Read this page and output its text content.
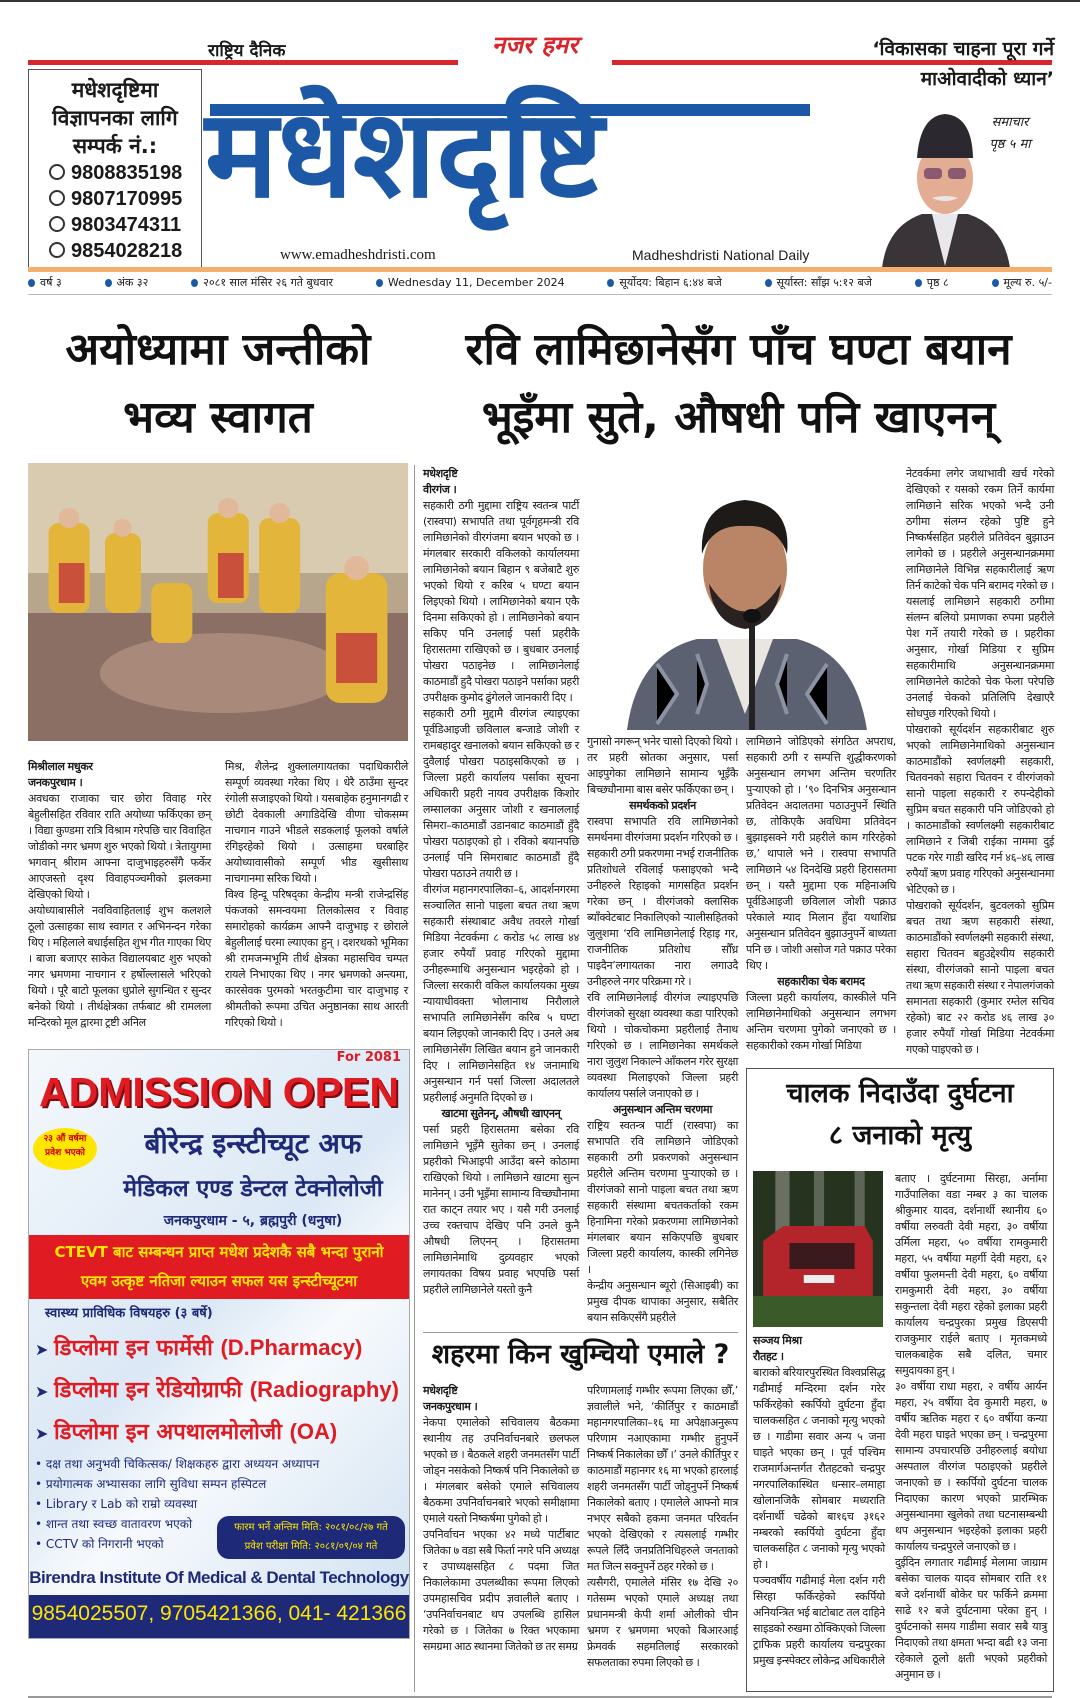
नजर हमर
मधेशदृष्टिमा
विज्ञापनका लागि
सम्पर्क नं.:
9808835198
9807170995
9803474311
9854028218
राष्ट्रिय दैनिक
मधेशदृष्टि
www.emadheshdristi.com	Madheshdristi National Daily
‘विकासका चाहना पूरा गर्ने
माओवादीको ध्यान’
समाचार
पृष्ठ ५ मा
वर्ष ३	अंक ३२	२०८१ साल मंसिर २६ गते बुधवार	Wednesday 11, December 2024	सूर्योदय: बिहान ६:४४ बजे	सूर्यास्त: साँझ ५:१२ बजे	पृष्ठ ८	मूल्य रु. ५/-
अयोध्यामा जन्तीको
भव्य स्वागत

मिश्रीलाल मधुकर

जनकपुरधाम ।

अवधका राजाका चार छोरा विवाह गरेर बेहुलीसहित रविवार राति अयोध्या फर्किएका छन् । विद्या कुण्डमा रात्रि विश्राम गरेपछि चार विवाहित जोडीको नगर भ्रमण शुरु भएको थियो । त्रेतायुगमा भगवान् श्रीराम आफ्ना दाजुभाइहरुसँगै फर्केर आएजस्तो दृश्य विवाहपञ्चमीको झलकमा देखिएको थियो ।

अयोध्याबासीले नवविवाहितलाई शुभ कलशले ठूलो उत्साहका साथ स्वागत र अभिनन्दन गरेका थिए । महिलाले बधाईसहित शुभ गीत गाएका थिए । बाजा बजाएर साकेत विद्यालयबाट शुरु भएको नगर भ्रमणमा नाचगान र हर्षोल्लासले भरिएको थियो । पूरै बाटो फूलका धुप्रोले सुगन्धित र सुन्दर बनेको थियो । तीर्थक्षेत्रका तर्फबाट श्री रामलला मन्दिरको मूल द्वारमा ट्रष्टी अनिल

मिश्र, शैलेन्द्र शुक्लालगायतका पदाधिकारीले सम्पूर्ण व्यवस्था गरेका थिए । धेरै ठाउँमा सुन्दर रंगोली सजाइएको थियो । यसबाहेक हनुमानगढी र छोटी देवकाली अगाडिदेखि वीणा चोकसम्म नाचगान गाउने भीडले सडकलाई फूलको वर्षाले रंगिइरहेको थियो । उत्साहमा घरबाहिर अयोध्यावासीको सम्पूर्ण भीड खुसीसाथ नाचगानमा सरिक थियो ।

विश्व हिन्दू परिषद्का केन्द्रीय मन्त्री राजेन्द्रसिंह पंकजको समन्वयमा तिलकोत्सव र विवाह समारोहको कार्यक्रम आफ्नै दाजुभाइ र छोराले बेहुलीलाई घरमा ल्याएका हुन् । दशरथको भूमिका श्री रामजन्मभूमि तीर्थ क्षेत्रका महासचिव चम्पत रायले निभाएका थिए । नगर भ्रमणको अन्त्यमा, कारसेवक पुरमको भरतकुटीमा चार दाजुभाइ र श्रीमतीको रूपमा उचित अनुष्ठानका साथ आरती गरिएको थियो ।

For 2081
ADMISSION OPEN
२३ औं वर्षमा
प्रवेश भएको	बीरेन्द्र इन्स्टीच्यूट अफ
मेडिकल एण्ड डेन्टल टेक्नोलोजी
जनकपुरधाम - ५, ब्रह्मपुरी (धनुषा)
CTEVT बाट सम्बन्धन प्राप्त मधेश प्रदेशकै सबै भन्दा पुरानो
एवम उत्कृष्ट नतिजा ल्याउन सफल यस इन्स्टीच्यूटमा
स्वास्थ्य प्राविधिक विषयहरु (३ बर्षे)
➤ डिप्लोमा इन फार्मेसी (D.Pharmacy)
➤ डिप्लोमा इन रेडियोग्राफी (Radiography)
➤ डिप्लोमा इन अपथालमोलोजी (OA)
• दक्ष तथा अनुभवी चिकित्सक/ शिक्षकहरु द्वारा अध्ययन अध्यापन
• प्रयोगात्मक अभ्यासका लागि सुविधा सम्पन हस्पिटल
• Library र Lab को राम्रो व्यवस्था
• शान्त तथा स्वच्छ वातावरण भएको
• CCTV को निगरानी भएको
फारम भर्ने अन्तिम मिति: २०८१/०८/२७ गते
प्रवेश परीक्षा मिति: २०८१/०९/०४ गते
Birendra Institute Of Medical & Dental Technology
9854025507, 9705421366, 041- 421366
रवि लामिछानेसँग पाँच घण्टा बयान
भूइँमा सुते, औषधी पनि खाएनन्

मधेशदृष्टि

वीरगंज ।

सहकारी ठगी मुद्दामा राष्ट्रिय स्वतन्त्र पार्टी (रास्वपा) सभापति तथा पूर्वगृहमन्त्री रवि लामिछानेको वीरगंजमा बयान भएको छ । मंगलबार सरकारी वकिलको कार्यालयमा लामिछानेको बयान बिहान ९ बजेबाटै शुरु भएको थियो र करिब ५ घण्टा बयान लिइएको थियो । लामिछानेको बयान एकै दिनमा सकिएको हो । लामिछानेको बयान सकिए पनि उनलाई पर्सा प्रहरीकै हिरासतमा राखिएको छ । बुधबार उनलाई पोखरा पठाइनेछ । लामिछानेलाई काठमाडौं हुदै पोखरा पठाइने पर्साका प्रहरी उपरीक्षक कुमोद ढुंगेलले जानकारी दिए ।

सहकारी ठगी मुद्दामै वीरगंज ल्याइएका पूर्वडिआइजी छविलाल बन्जाडे जोशी र रामबहादुर खनालको बयान सकिएको छ र दुवैलाई पोखरा पठाइसकिएको छ । जिल्ला प्रहरी कार्यालय पर्साका सूचना अधिकारी प्रहरी नायव उपरीक्षक किशोर लम्सालका अनुसार जोशी र खनाललाई सिमरा–काठमाडौं उडानबाट काठमाडौं हुँदै पोखरा पठाइएको हो । रविको बयानपछि उनलाई पनि सिमराबाट काठमाडौं हुँदै पोखरा पठाउने तयारी छ ।

वीरगंज महानगरपालिका–६, आदर्शनगरमा सञ्चालित सानो पाइला बचत तथा ऋण सहकारी संस्थाबाट अवैध तवरले गोर्खा मिडिया नेटवर्कमा ८ करोड ५८ लाख ४४ हजार रुपैयाँ प्रवाह गरिएको मुद्दामा उनीहरूमाथि अनुसन्धान भइरहेको हो । जिल्ला सरकारी वकिल कार्यालयका मुख्य न्यायाधीवक्ता भोलानाथ निरौलाले सभापति लामिछानेसँग करिब ५ घण्टा बयान लिइएको जानकारी दिए । उनले अब लामिछानेसँग लिखित बयान हुने जानकारी दिए । लामिछानेसहित १४ जनामाथि अनुसन्धान गर्न पर्सा जिल्ला अदालतले प्रहरीलाई अनुमति दिएको छ ।

खाटमा सुतेनन्, औषधी खाएनन्

पर्सा प्रहरी हिरासतमा बसेका रवि लामिछाने भूइँमै सुतेका छन् । उनलाई प्रहरीको भिआइपी आउँदा बस्ने कोठामा राखिएको थियो । लामिछाने खाटमा सुत्न मानेनन् । उनी भूइँमा सामान्य विच्छ्यौनामा रात काट्न तयार भए । यसै गरी उनलाई उच्च रक्तचाप देखिए पनि उनले कुनै औषधी लिएनन् । हिरासतमा लामिछानेमाथि दुव्र्यवहार भएको लगायतका विषय प्रवाह भएपछि पर्सा प्रहरीले लामिछानेले यस्तो कुनै

गुनासो नगरून् भनेर चासो दिएको थियो । तर प्रहरी स्रोतका अनुसार, पर्सा आइपुगेका लामिछाने सामान्य भूइँकै बिच्छ्यौनामा बास बसेर फर्किएका छन् ।

समर्थकको प्रदर्शन

रास्वपा सभापति रवि लामिछानेको समर्थनमा वीरगंजमा प्रदर्शन गरिएको छ । सहकारी ठगी प्रकरणमा नभई राजनीतिक प्रतिशोधले रविलाई फसाइएको भन्दै उनीहरुले रिहाइको मागसहित प्रदर्शन गरेका छन् । वीरगंजको क्लासिक ब्याँक्वेटबाट निकालिएको र्‍यालीसहितको जुलुशमा ‘रवि लामिछानेलाई रिहाइ गर, राजनीतिक प्रतिशोध सौँध्र पाइदैन’लगायतका नारा लगाउदै उनीहरुले नगर परिक्रमा गरे ।

रवि लामिछानेलाई वीरगंज ल्याइएपछि वीरगंजको सुरक्षा व्यवस्था कडा पारिएको थियो । चोकचोकमा प्रहरीलाई तैनाथ गरिएको छ । लामिछानेका समर्थकले नारा जुलुश निकाल्ने आँकलन गरेर सुरक्षा व्यवस्था मिलाइएको जिल्ला प्रहरी कार्यालय पर्साले जनाएको छ ।

अनुसन्धान अन्तिम चरणमा

राष्ट्रिय स्वतन्त्र पार्टी (रास्वपा) का सभापति रवि लामिछाने जोडिएको सहकारी ठगी प्रकरणको अनुसन्धान प्रहरीले अन्तिम चरणमा पुर्‍याएको छ । वीरगंजको सानो पाइला बचत तथा ऋण सहकारी संस्थामा बचतकर्ताको रकम हिनामिना गरेको प्रकरणमा लामिछानेको मंगलबार बयान सकिएपछि बुधबार जिल्ला प्रहरी कार्यालय, कास्की लगिनेछ ।

केन्द्रीय अनुसन्धान ब्यूरो (सिआइबी) का प्रमुख दीपक थापाका अनुसार, सबैतिर बयान सकिएसँगै प्रहरीले

शहरमा किन खुम्चियो एमाले ?

मधेशदृष्टि

जनकपुरधाम ।

नेकपा एमालेको सचिवालय बैठकमा स्थानीय तह उपनिर्वाचनबारे छलफल भएको छ । बैठकले शहरी जनमतसँग पार्टी जोड्न नसकेको निष्कर्ष पनि निकालेको छ । मंगलबार बसेको एमाले सचिवालय बैठकमा उपनिर्वाचनबारे भएको समीक्षामा एमाले यस्तो निष्कर्षमा पुगेको हो ।

उपनिर्वाचन भएका ४२ मध्ये पार्टीबाट जितेका ७ वडा सबै फिर्ता नगरे पनि अध्यक्ष र उपाध्यक्षसहित ८ पदमा जित निकालेकामा उपलब्धीका रूपमा लिएको उपमहासचिव प्रदीप ज्ञवालीले बताए । ‘उपनिर्वाचनबाट थप उपलब्धि हासिल गरेको छ । जितेका ७ रिक्त भएकामा समग्रमा आठ स्थानमा जितेको छ तर समग्र

परिणामलाई गम्भीर रूपमा लिएका छौँ,’ ज्ञवालीले भने, ‘कीर्तिपुर र काठमाडौं महानगरपालिका–१६ मा अपेक्षाअनुरूप परिणाम नआएकामा गम्भीर हुनुपर्ने निष्कर्ष निकालेका छौँ ।’ उनले कीर्तिपुर र काठमाडौं महानगर १६ मा भएको हारलाई शहरी जनमतसँग पार्टी जोड्नुपर्ने निष्कर्ष निकालेको बताए । एमालेले आफ्नो मात्र नभएर सबैको हकमा जनमत परिवर्तन भएको देखिएको र त्यसलाई गम्भीर रूपले लिँदै जनप्रतिनिधिहरुले जनताको मत जित्न सक्नुपर्ने ठहर गरेको छ ।

त्यसैगरी, एमालेले मंसिर १७ देखि २० गतेसम्म भएको एमाले अध्यक्ष तथा प्रधानमन्त्री केपी शर्मा ओलीको चीन भ्रमण र भ्रमणमा भएको बिआरआई फ्रेमवर्क सहमतिलाई सरकारको सफलताका रुपमा लिएको छ ।

लामिछाने जोडिएको संगठित अपराध, सहकारी ठगी र सम्पत्ति शुद्धीकरणको अनुसन्धान लगभग अन्तिम चरणतिर पुर्‍याएको हो । ‘९० दिनभित्र अनुसन्धान प्रतिवेदन अदालतमा पठाउनुपर्ने स्थिति छ, तोकिएकै अवधिमा प्रतिवेदन बुझाइसक्ने गरी प्रहरीले काम गरिरहेको छ,’ थापाले भने । रास्वपा सभापति लामिछाने ५४ दिनदेखि प्रहरी हिरासतमा छन् । यस्तै मुद्दामा एक महिनाअघि पूर्वडिआइजी छविलाल जोशी पक्राउ परेकाले म्याद मिलान हुँदा यथाशिघ्र अनुसन्धान प्रतिवेदन बुझाउनुपर्ने बाध्यता पनि छ । जोशी असोज गते पक्राउ परेका थिए ।

सहकारीका चेक बरामद

जिल्ला प्रहरी कार्यालय, कास्कीले पनि लामिछानेमाथिको अनुसन्धान लगभग अन्तिम चरणमा पुगेको जनाएको छ । सहकारीको रकम गोर्खा मिडिया

नेटवर्कमा लगेर जथाभावी खर्च गरेको देखिएको र यसको रकम तिर्ने कार्यमा लामिछाने सरिक भएको भन्दै उनी ठगीमा संलग्न रहेको पुष्टि हुने निष्कर्षसहित प्रहरीले प्रतिवेदन बुझाउन लागेको छ । प्रहरीले अनुसन्धानक्रममा लामिछानेले विभिन्न सहकारीलाई ऋण तिर्न काटेको चेक पनि बरामद गरेको छ । यसलाई लामिछाने सहकारी ठगीमा संलग्न बलियो प्रमाणका रुपमा प्रहरीले पेश गर्ने तयारी गरेको छ । प्रहरीका अनुसार, गोर्खा मिडिया र सुप्रिम सहकारीमाथि अनुसन्धानक्रममा लामिछानेले काटेको चेक फेला परेपछि उनलाई चेकको प्रतिलिपि देखाएरै सोधपुछ गरिएको थियो ।

पोखराको सूर्यदर्शन सहकारीबाट शुरु भएको लामिछानेमाथिको अनुसन्धान काठमाडौंको स्वर्णलक्ष्मी सहकारी, चितवनको सहारा चितवन र वीरगंजको सानो पाइला सहकारी र रुपन्देहीको सुप्रिम बचत सहकारी पनि जोडिएको हो । काठमाडौंको स्वर्णलक्ष्मी सहकारीबाट लामिछाने र जिबी राईका नाममा दुई पटक गरेर गाडी खरिद गर्न ४६–४६ लाख रुपैयाँ ऋण प्रवाह गरिएको अनुसन्धानमा भेटिएको छ ।

पोखराको सूर्यदर्शन, बुटवलको सुप्रिम बचत तथा ऋण सहकारी संस्था, काठमाडौंको स्वर्णलक्ष्मी सहकारी संस्था, सहारा चितवन बहुउद्देश्यीय सहकारी संस्था, वीरगंजको सानो पाइला बचत तथा ऋण सहकारी संस्था र नेपालगंजको समानता सहकारी (कुमार रम्तेल सचिव रहेको) बाट २२ करोड ४६ लाख ३० हजार रुपैयाँ गोर्खा मिडिया नेटवर्कमा गएको पाइएको छ ।

चालक निदाउँदा दुर्घटना
८ जनाको मृत्यु

सञ्जय मिश्रा

रौतहट ।

बाराको बरियारपुरस्थित विश्वप्रसिद्ध गढीमाई मन्दिरमा दर्शन गरेर फर्किरहेको स्कर्पियो दुर्घटना हुँदा चालकसहित ८ जनाको मृत्यु भएको छ । गाडीमा सवार अन्य ५ जना घाइते भएका छन् । पूर्व पश्चिम राजमार्गअन्तर्गत रौतहटको चन्द्रपुर नगरपालिकास्थित धन्सार–लमाहा खोलानजिकै सोमबार मध्यराति दर्शनार्थी चढेको बा१६च ३१६२ नम्बरको स्कर्पियो दुर्घटना हुँदा चालकसहित ८ जनाको मृत्यु भएको हो ।

पञ्चवर्षीय गढीमाई मेला दर्शन गरी सिरहा फर्किरहेको स्कर्पियो अनियन्त्रित भई बाटोबाट तल दाहिने साइडको रुखमा ठोक्किएको जिल्ला ट्राफिक प्रहरी कार्यालय चन्द्रपुरका प्रमुख इन्स्पेक्टर लोकेन्द्र अधिकारीले

बताए । दुर्घटनामा सिरहा, अर्नामा गाउँपालिका वडा नम्बर ३ का चालक श्रीकुमार यादव, दर्शनार्थी स्थानीय ६० वर्षीया लरुवती देवी महरा, ३० वर्षीया उर्मिला महरा, ५० वर्षीया रामकुमारी महरा, ५५ वर्षीया महर्गी देवी महरा, ६२ वर्षीया फुलमन्ती देवी महरा, ६० वर्षीया रामकुमारी देवी महरा, ३० वर्षीया सकुन्तला देवी महरा रहेको इलाका प्रहरी कार्यालय चन्द्रपुरका प्रमुख डिएसपी राजकुमार राईले बताए । मृतकमध्ये चालकबाहेक सबै दलित, चमार समुदायका हुन् ।

३० वर्षीया राधा महरा, २ वर्षीय आर्यन महरा, २५ वर्षीया देव कुमारी महरा, ७ वर्षीय ऋतिक महरा र ६० वर्षीया कन्या देवी महरा घाइते भएका छन् । चन्द्रपुरमा सामान्य उपचारपछि उनीहरुलाई बयोधा अस्पताल वीरगंज पठाइएको प्रहरीले जनाएको छ । स्कर्पियो दुर्घटना चालक निदाएका कारण भएको प्रारम्भिक अनुसन्धानमा खुलेको तथा घटनासम्बन्धी थप अनुसन्धान भइरहेको इलाका प्रहरी कार्यालय चन्द्रपुरले जनाएको छ ।

दुईदिन लगातार गढीमाई मेलामा जाग्राम बसेका चालक यादव सोमबार राति ११ बजे दर्शनार्थी बोकेर घर फर्किने क्रममा साढे १२ बजे दुर्घटनामा परेका हुन् । दुर्घटनाको समय गाडीमा सवार सबै यात्रु निदाएको तथा क्षमता भन्दा बढी १३ जना रहेकाले ठूलो क्षती भएको प्रहरीको अनुमान छ ।
